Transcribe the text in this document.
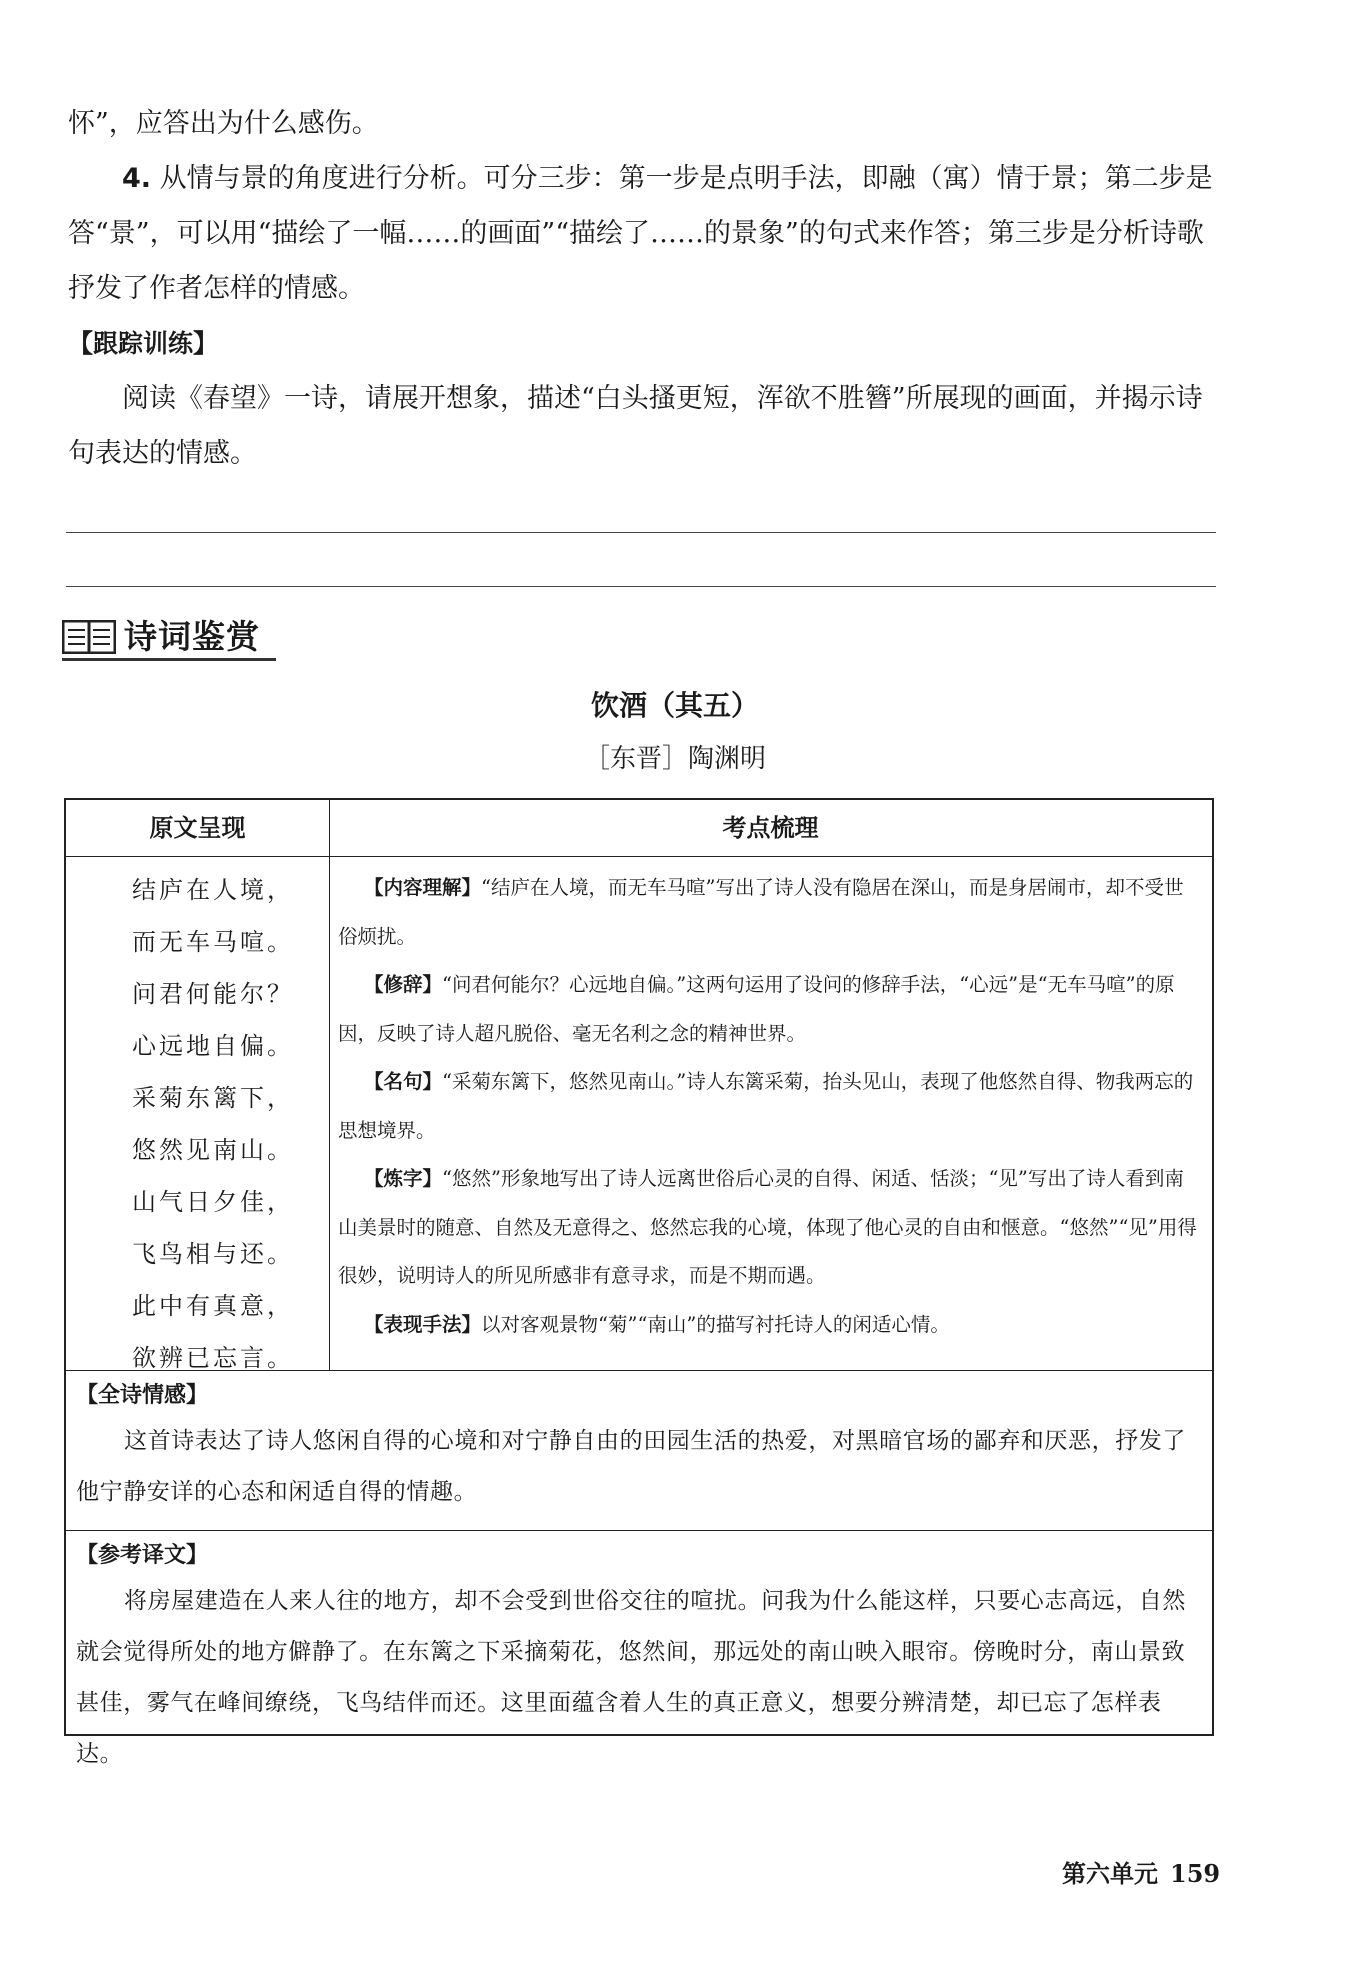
怀”，应答出为什么感伤。

4. 从情与景的角度进行分析。可分三步：第一步是点明手法，即融（寓）情于景；第二步是答“景”，可以用“描绘了一幅……的画面”“描绘了……的景象”的句式来作答；第三步是分析诗歌抒发了作者怎样的情感。

【跟踪训练】

阅读《春望》一诗，请展开想象，描述“白头搔更短，浑欲不胜簪”所展现的画面，并揭示诗句表达的情感。

诗词鉴赏
饮酒（其五）
［东晋］陶渊明
原文呈现	考点梳理
结庐在人境，
而无车马喧。
问君何能尔？
心远地自偏。
采菊东篱下，
悠然见南山。
山气日夕佳，
飞鸟相与还。
此中有真意，
欲辨已忘言。

【内容理解】“结庐在人境，而无车马喧”写出了诗人没有隐居在深山，而是身居闹市，却不受世俗烦扰。

【修辞】“问君何能尔？心远地自偏。”这两句运用了设问的修辞手法，“心远”是“无车马喧”的原因，反映了诗人超凡脱俗、毫无名利之念的精神世界。

【名句】“采菊东篱下，悠然见南山。”诗人东篱采菊，抬头见山，表现了他悠然自得、物我两忘的思想境界。

【炼字】“悠然”形象地写出了诗人远离世俗后心灵的自得、闲适、恬淡；“见”写出了诗人看到南山美景时的随意、自然及无意得之、悠然忘我的心境，体现了他心灵的自由和惬意。“悠然”“见”用得很妙，说明诗人的所见所感非有意寻求，而是不期而遇。

【表现手法】以对客观景物“菊”“南山”的描写衬托诗人的闲适心情。

【全诗情感】

这首诗表达了诗人悠闲自得的心境和对宁静自由的田园生活的热爱，对黑暗官场的鄙弃和厌恶，抒发了他宁静安详的心态和闲适自得的情趣。

【参考译文】

将房屋建造在人来人往的地方，却不会受到世俗交往的喧扰。问我为什么能这样，只要心志高远，自然就会觉得所处的地方僻静了。在东篱之下采摘菊花，悠然间，那远处的南山映入眼帘。傍晚时分，南山景致甚佳，雾气在峰间缭绕，飞鸟结伴而还。这里面蕴含着人生的真正意义，想要分辨清楚，却已忘了怎样表达。

第六单元 159
